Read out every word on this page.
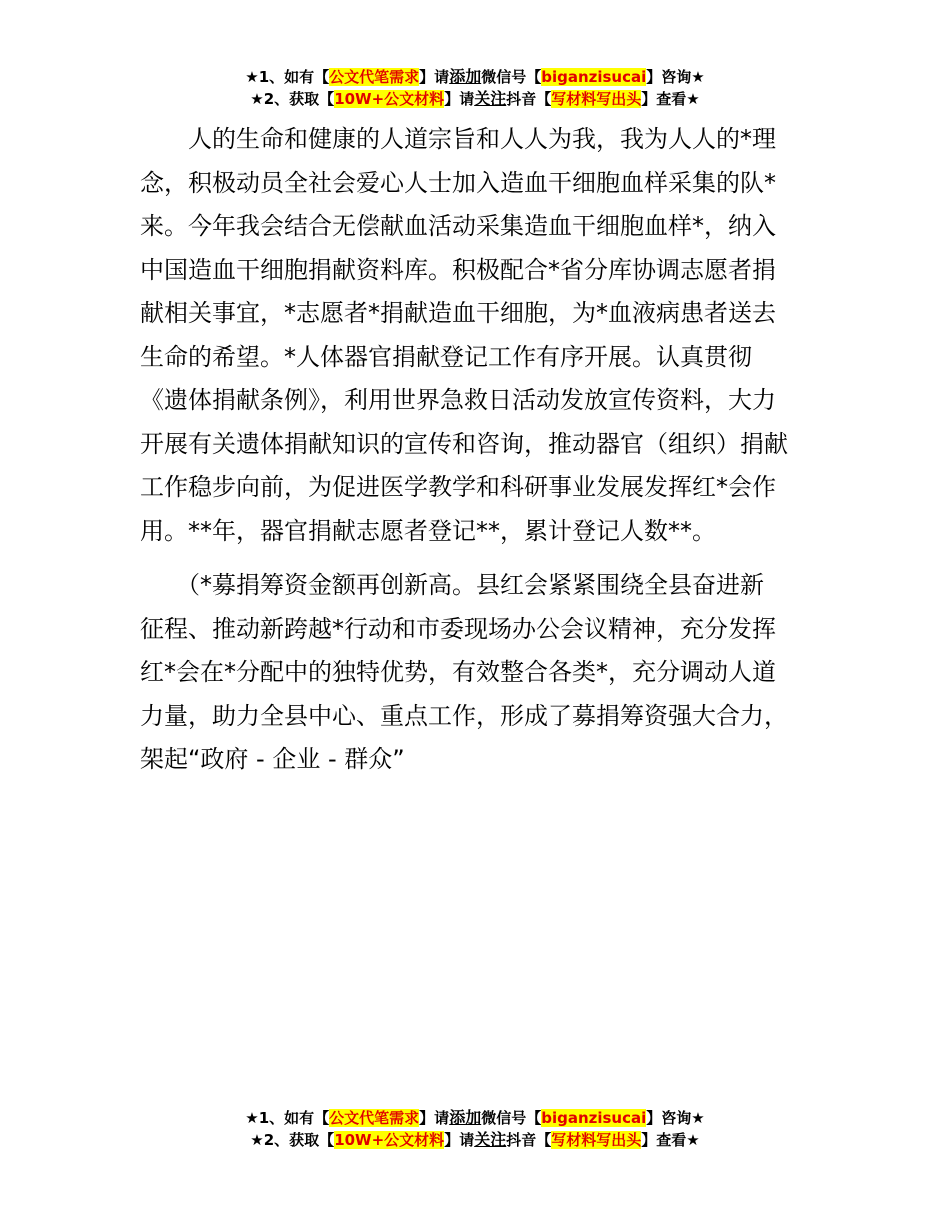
★1、如有【公文代笔需求】请添加微信号【biganzisucai】咨询★
★2、获取【10W+公文材料】请关注抖音【写材料写出头】查看★

　　人的生命和健康的人道宗旨和人人为我，我为人人的*理

念，积极动员全社会爱心人士加入造血干细胞血样采集的队*

来。今年我会结合无偿献血活动采集造血干细胞血样*，纳入

中国造血干细胞捐献资料库。积极配合*省分库协调志愿者捐

献相关事宜，*志愿者*捐献造血干细胞，为*血液病患者送去

生命的希望。*人体器官捐献登记工作有序开展。认真贯彻

《遗体捐献条例》，利用世界急救日活动发放宣传资料，大力

开展有关遗体捐献知识的宣传和咨询，推动器官（组织）捐献

工作稳步向前，为促进医学教学和科研事业发展发挥红*会作

用。**年，器官捐献志愿者登记**，累计登记人数**。

　　（*募捐筹资金额再创新高。县红会紧紧围绕全县奋进新

征程、推动新跨越*行动和市委现场办公会议精神，充分发挥

红*会在*分配中的独特优势，有效整合各类*，充分调动人道

力量，助力全县中心、重点工作，形成了募捐筹资强大合力，

架起“政府 - 企业 - 群众”

★1、如有【公文代笔需求】请添加微信号【biganzisucai】咨询★
★2、获取【10W+公文材料】请关注抖音【写材料写出头】查看★
